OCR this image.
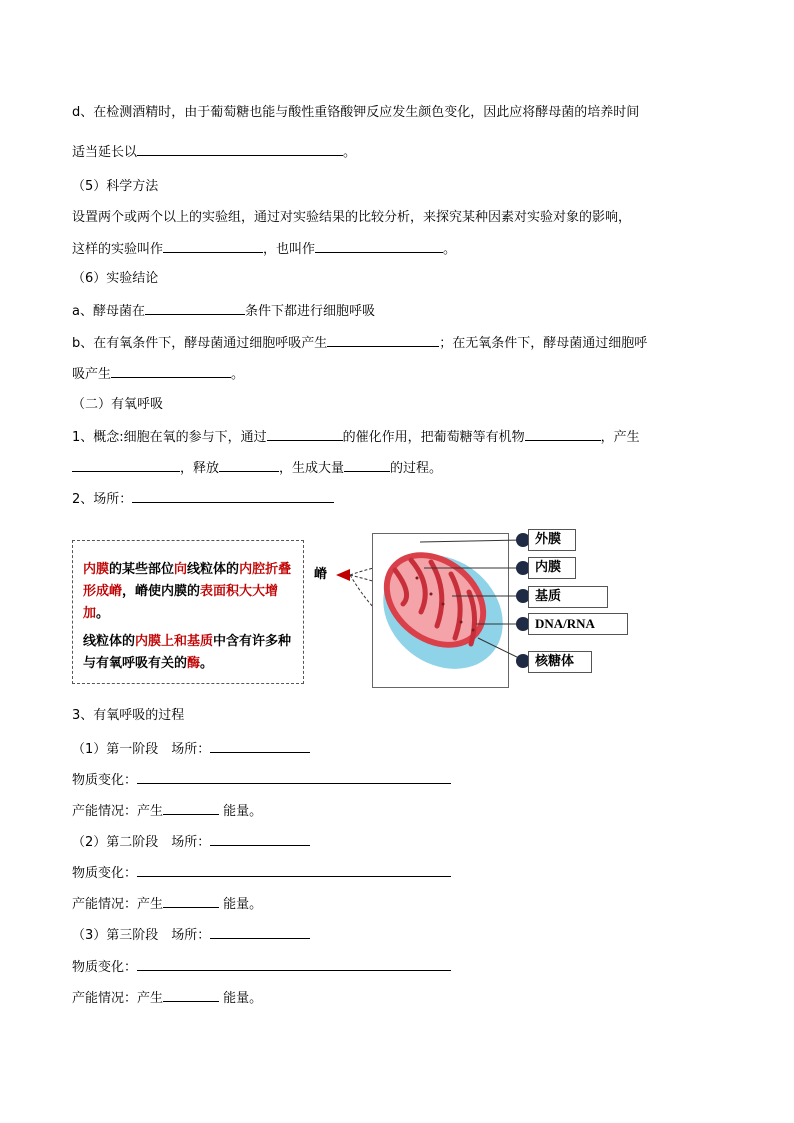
d、在检测酒精时，由于葡萄糖也能与酸性重铬酸钾反应发生颜色变化，因此应将酵母菌的培养时间
适当延长以	。
（5）科学方法
设置两个或两个以上的实验组，通过对实验结果的比较分析，来探究某种因素对实验对象的影响，
这样的实验叫作	，也叫作	。
（6）实验结论
a、酵母菌在	条件下都进行细胞呼吸
b、在有氧条件下，酵母菌通过细胞呼吸产生	；在无氧条件下，酵母菌通过细胞呼
吸产生	。
（二）有氧呼吸
1、概念:细胞在氧的参与下，通过	的催化作用，把葡萄糖等有机物	，产生
，释放	，生成大量	的过程。
2、场所：

内膜的某些部位向线粒体的内腔折叠形成嵴，嵴使内膜的表面积大大增加。

线粒体的内膜上和基质中含有许多种与有氧呼吸有关的酶。

嵴
外膜
内膜
基质
DNA/RNA
核糖体
3、有氧呼吸的过程
（1）第一阶段　场所：
物质变化：
产能情况：产生	能量。
（2）第二阶段　场所：
物质变化：
产能情况：产生	能量。
（3）第三阶段　场所：
物质变化：
产能情况：产生	能量。
